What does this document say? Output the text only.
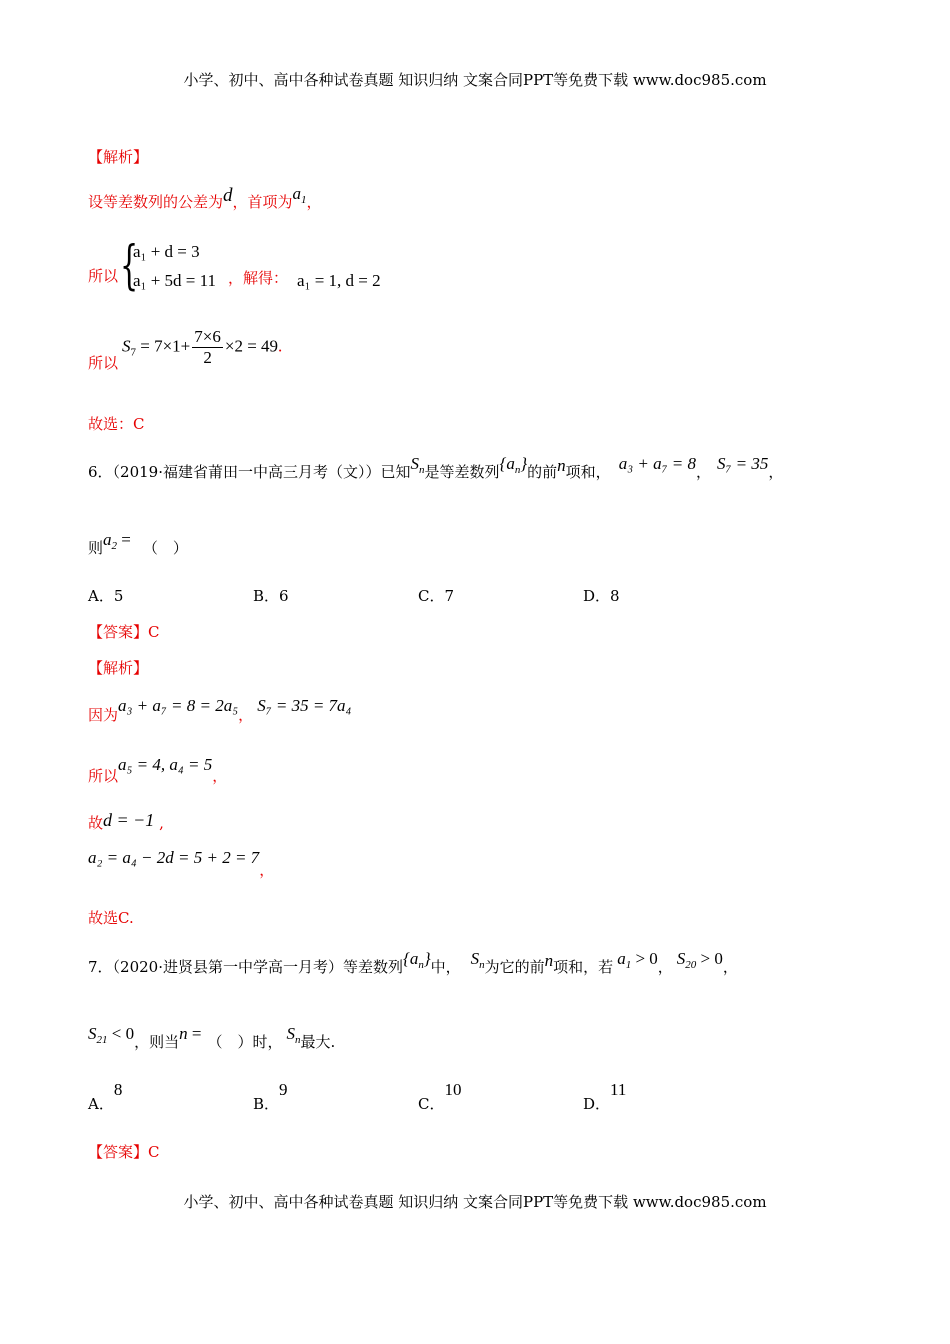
小学、初中、高中各种试卷真题 知识归纳 文案合同PPT等免费下载 www.doc985.com
【解析】
设等差数列的公差为d，首项为$a_1$，
所以 {
a₁ + d = 3
a₁ + 5d = 11 ，解得： a₁ = 1, d = 2
所以
$S_7 = 7\times 1+ \frac{7\times 6}{2} \times 2 = 49$.
故选：C
6．（2019·福建省莆田一中高三月考（文））已知$S_n$是等差数列$\{a_n\}$的前n项和， a₃ + a₇ = 8， S₇ = 35，
则$a_2$ = （　）
A．5	B．6	C．7	D．8
【答案】C
【解析】
因为a₃ + a₇ = 8 = 2a₅， S₇ = 35 = 7a₄
所以a₅ = 4, a₄ = 5，
故d = −1 ,
a₂ = a₄ − 2d = 5 + 2 = 7，
故选C.
7．（2020·进贤县第一中学高一月考）等差数列$\{a_n\}$中， $S_n$为它的前n项和，若 $a_1 > 0$， $S_{20} > 0$，
$S_{21} < 0$，则当n = （　）时， $S_n$最大.
A．8
B．9
C．10
D．11
【答案】C
小学、初中、高中各种试卷真题 知识归纳 文案合同PPT等免费下载 www.doc985.com
